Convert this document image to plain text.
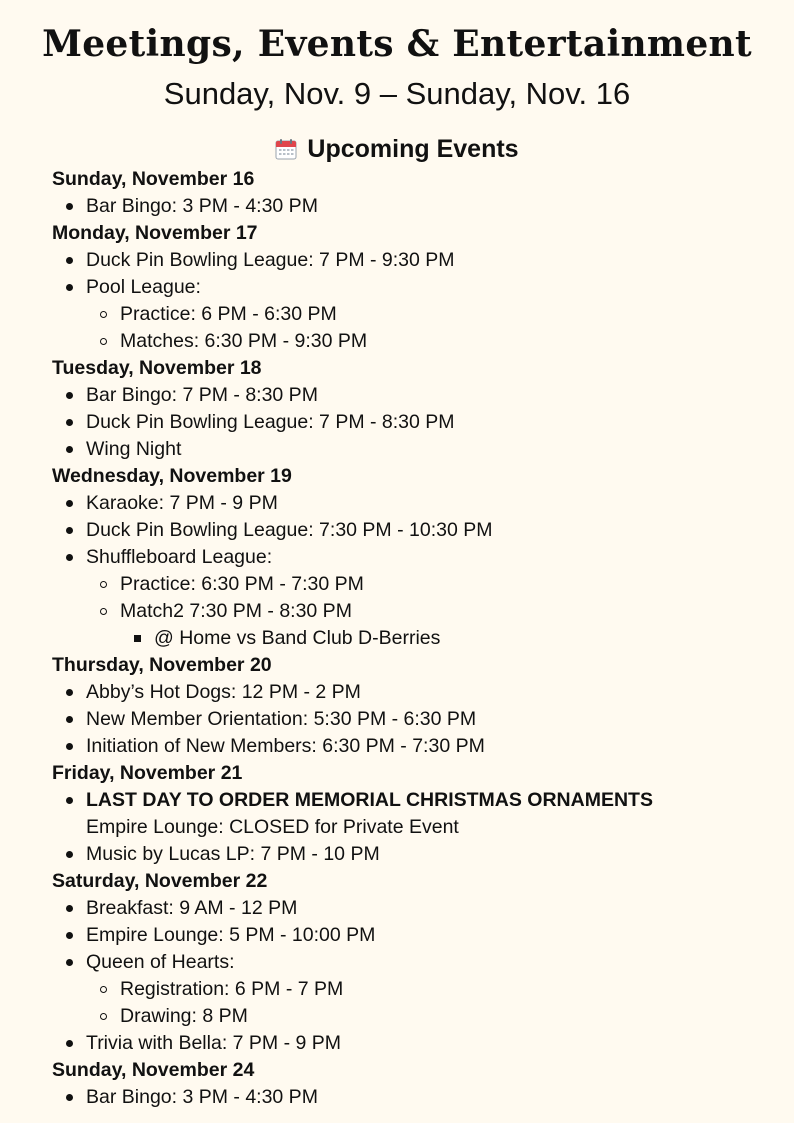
Meetings, Events & Entertainment
Sunday, Nov. 9 – Sunday, Nov. 16
Upcoming Events
Sunday, November 16
Bar Bingo: 3 PM - 4:30 PM
Monday, November 17
Duck Pin Bowling League: 7 PM - 9:30 PM
Pool League:
Practice: 6 PM - 6:30 PM
Matches: 6:30 PM - 9:30 PM
Tuesday, November 18
Bar Bingo: 7 PM - 8:30 PM
Duck Pin Bowling League: 7 PM - 8:30 PM
Wing Night
Wednesday, November 19
Karaoke: 7 PM - 9 PM
Duck Pin Bowling League: 7:30 PM - 10:30 PM
Shuffleboard League:
Practice: 6:30 PM - 7:30 PM
Match2 7:30 PM - 8:30 PM
@ Home vs Band Club D-Berries
Thursday, November 20
Abby’s Hot Dogs: 12 PM - 2 PM
New Member Orientation: 5:30 PM - 6:30 PM
Initiation of New Members: 6:30 PM - 7:30 PM
Friday, November 21
LAST DAY TO ORDER MEMORIAL CHRISTMAS ORNAMENTS
Empire Lounge: CLOSED for Private Event
Music by Lucas LP: 7 PM - 10 PM
Saturday, November 22
Breakfast: 9 AM - 12 PM
Empire Lounge: 5 PM - 10:00 PM
Queen of Hearts:
Registration: 6 PM - 7 PM
Drawing: 8 PM
Trivia with Bella: 7 PM - 9 PM
Sunday, November 24
Bar Bingo: 3 PM - 4:30 PM
